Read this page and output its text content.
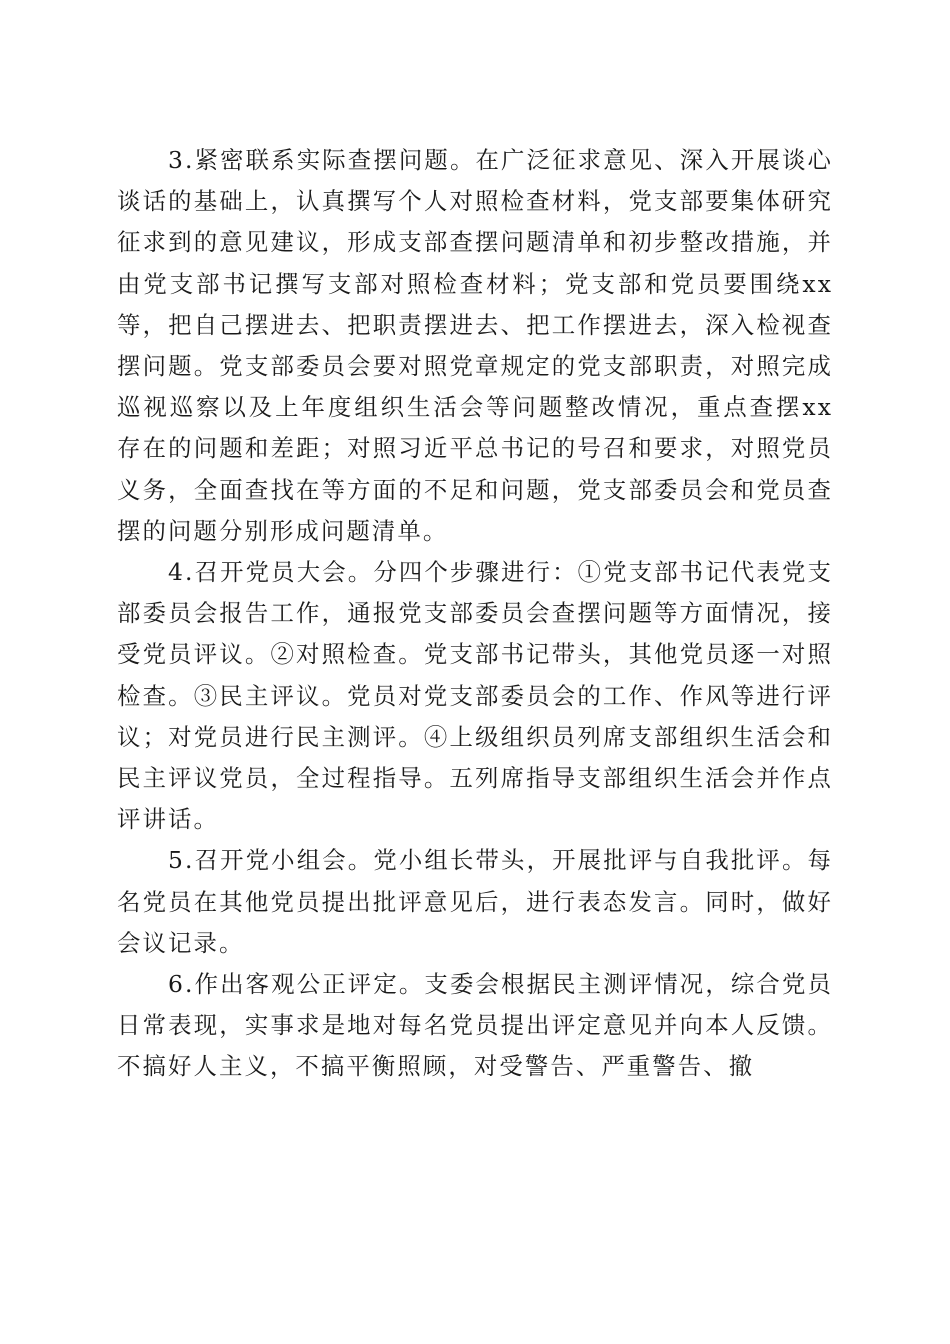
3.紧密联系实际查摆问题。在广泛征求意见、深入开展谈心谈话的基础上，认真撰写个人对照检查材料，党支部要集体研究征求到的意见建议，形成支部查摆问题清单和初步整改措施，并由党支部书记撰写支部对照检查材料；党支部和党员要围绕xx等，把自己摆进去、把职责摆进去、把工作摆进去，深入检视查摆问题。党支部委员会要对照党章规定的党支部职责，对照完成巡视巡察以及上年度组织生活会等问题整改情况，重点查摆xx存在的问题和差距；对照习近平总书记的号召和要求，对照党员义务，全面查找在等方面的不足和问题，党支部委员会和党员查摆的问题分别形成问题清单。

4.召开党员大会。分四个步骤进行：①党支部书记代表党支部委员会报告工作，通报党支部委员会查摆问题等方面情况，接受党员评议。②对照检查。党支部书记带头，其他党员逐一对照检查。③民主评议。党员对党支部委员会的工作、作风等进行评议；对党员进行民主测评。④上级组织员列席支部组织生活会和民主评议党员，全过程指导。五列席指导支部组织生活会并作点评讲话。

5.召开党小组会。党小组长带头，开展批评与自我批评。每名党员在其他党员提出批评意见后，进行表态发言。同时，做好会议记录。

6.作出客观公正评定。支委会根据民主测评情况，综合党员日常表现，实事求是地对每名党员提出评定意见并向本人反馈。不搞好人主义，不搞平衡照顾，对受警告、严重警告、撤
